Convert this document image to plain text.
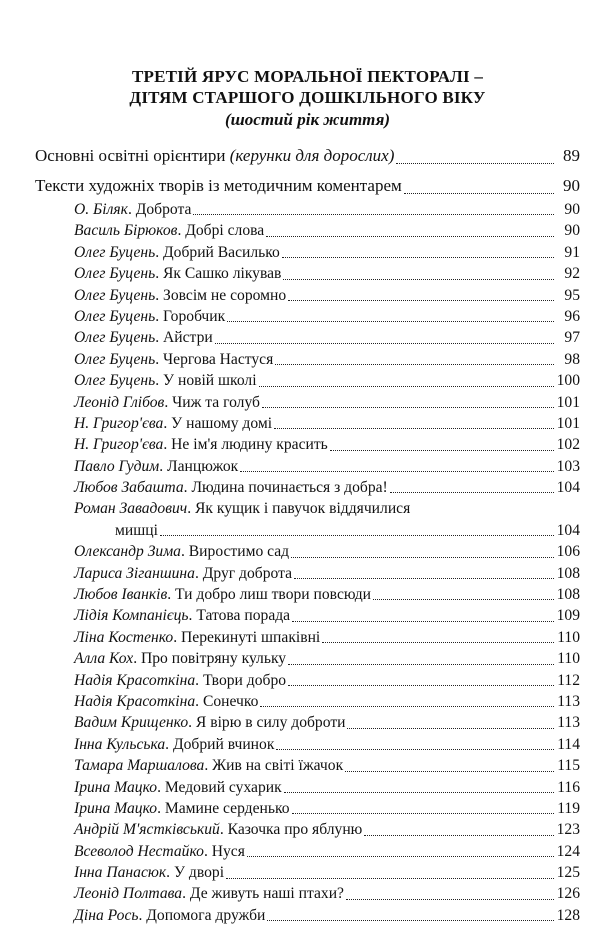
ТРЕТІЙ ЯРУС МОРАЛЬНОЇ ПЕКТОРАЛІ –
ДІТЯМ СТАРШОГО ДОШКІЛЬНОГО ВІКУ
(шостий рік життя)
Основні освітні орієнтири (керунки для дорослих)	89
Тексти художніх творів із методичним коментарем	90
О. Біляк. Доброта	90
Василь Бірюков. Добрі слова	90
Олег Буцень. Добрий Василько	91
Олег Буцень. Як Сашко лікував	92
Олег Буцень. Зовсім не соромно	95
Олег Буцень. Горобчик	96
Олег Буцень. Айстри	97
Олег Буцень. Чергова Настуся	98
Олег Буцень. У новій школі	100
Леонід Глібов. Чиж та голуб	101
Н. Григор'єва. У нашому домі	101
Н. Григор'єва. Не ім'я людину красить	102
Павло Гудим. Ланцюжок	103
Любов Забашта. Людина починається з добра!	104
Роман Завадович. Як кущик і павучок віддячилися
мишці	104
Олександр Зима. Виростимо сад	106
Лариса Зіганшина. Друг доброта	108
Любов Іванків. Ти добро лиш твори повсюди	108
Лідія Компанієць. Татова порада	109
Ліна Костенко. Перекинуті шпаківні	110
Алла Кох. Про повітряну кульку	110
Надія Красоткіна. Твори добро	112
Надія Красоткіна. Сонечко	113
Вадим Крищенко. Я вірю в силу доброти	113
Інна Кульська. Добрий вчинок	114
Тамара Маршалова. Жив на світі їжачок	115
Ірина Мацко. Медовий сухарик	116
Ірина Мацко. Мамине серденько	119
Андрій М'ястківський. Казочка про яблуню	123
Всеволод Нестайко. Нуся	124
Інна Панасюк. У дворі	125
Леонід Полтава. Де живуть наші птахи?	126
Діна Рось. Допомога дружби	128
